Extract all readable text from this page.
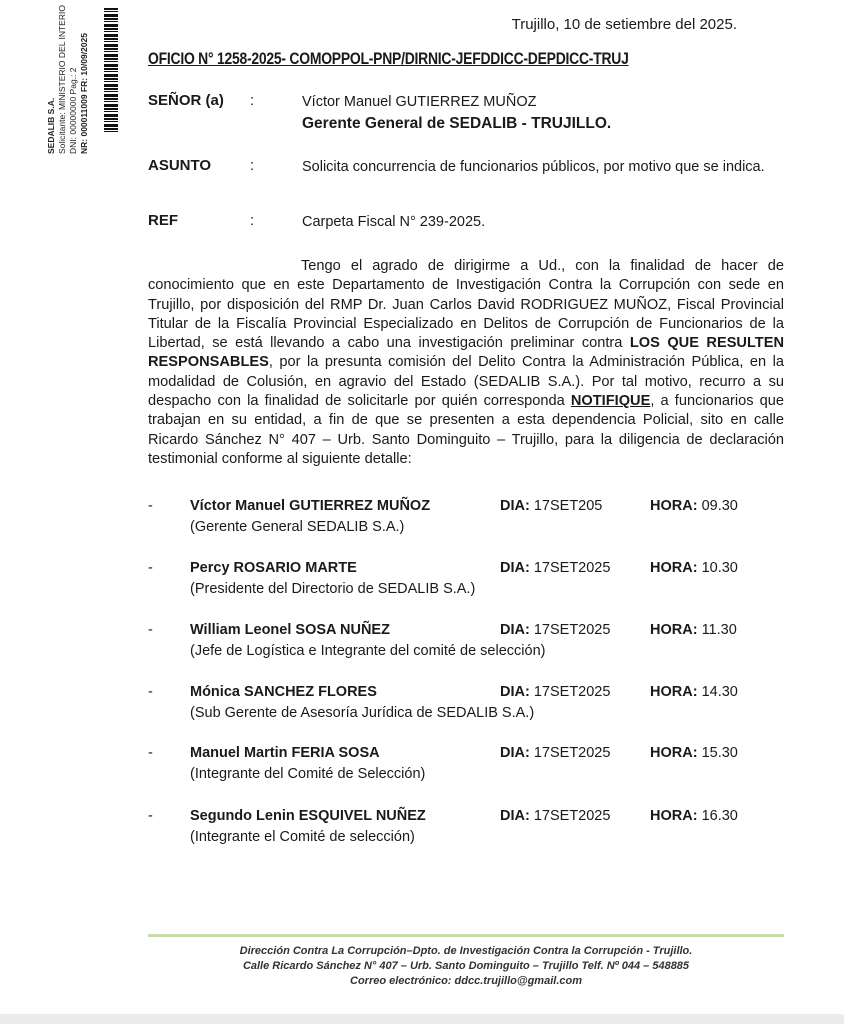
SEDALIB S.A. Solicitante: MINISTERIO DEL INTERIO DNI: 00000000 Pag.: 2 NR: 000011009 FR: 10/09/2025
Trujillo, 10 de setiembre del 2025.
OFICIO N° 1258-2025- COMOPPOL-PNP/DIRNIC-JEFDDICC-DEPDICC-TRUJ
SEÑOR (a) :	Víctor Manuel GUTIERREZ MUÑOZ
Gerente General de SEDALIB - TRUJILLO.
ASUNTO	:	Solicita concurrencia de funcionarios públicos, por motivo que se indica.
REF	:	Carpeta Fiscal N° 239-2025.

Tengo el agrado de dirigirme a Ud., con la finalidad de hacer de conocimiento que en este Departamento de Investigación Contra la Corrupción con sede en Trujillo, por disposición del RMP Dr. Juan Carlos David RODRIGUEZ MUÑOZ, Fiscal Provincial Titular de la Fiscalía Provincial Especializado en Delitos de Corrupción de Funcionarios de la Libertad, se está llevando a cabo una investigación preliminar contra LOS QUE RESULTEN RESPONSABLES, por la presunta comisión del Delito Contra la Administración Pública, en la modalidad de Colusión, en agravio del Estado (SEDALIB S.A.). Por tal motivo, recurro a su despacho con la finalidad de solicitarle por quién corresponda NOTIFIQUE, a funcionarios que trabajan en su entidad, a fin de que se presenten a esta dependencia Policial, sito en calle Ricardo Sánchez N° 407 – Urb. Santo Dominguito – Trujillo, para la diligencia de declaración testimonial conforme al siguiente detalle:

-	Víctor Manuel GUTIERREZ MUÑOZ
(Gerente General SEDALIB S.A.)
DIA: 17SET205	HORA: 09.30
-	Percy ROSARIO MARTE
(Presidente del Directorio de SEDALIB S.A.)
DIA: 17SET2025	HORA: 10.30
-	William Leonel SOSA NUÑEZ
(Jefe de Logística e Integrante del comité de selección)
DIA: 17SET2025	HORA: 11.30
-	Mónica SANCHEZ FLORES
(Sub Gerente de Asesoría Jurídica de SEDALIB S.A.)
DIA: 17SET2025	HORA: 14.30
-	Manuel Martin FERIA SOSA
(Integrante del Comité de Selección)
DIA: 17SET2025	HORA: 15.30
-	Segundo Lenin ESQUIVEL NUÑEZ
(Integrante el Comité de selección)
DIA: 17SET2025	HORA: 16.30
Dirección Contra La Corrupción–Dpto. de Investigación Contra la Corrupción - Trujillo.
Calle Ricardo Sánchez N° 407 – Urb. Santo Dominguito – Trujillo Telf. Nº 044 – 548885
Correo electrónico: ddcc.trujillo@gmail.com
